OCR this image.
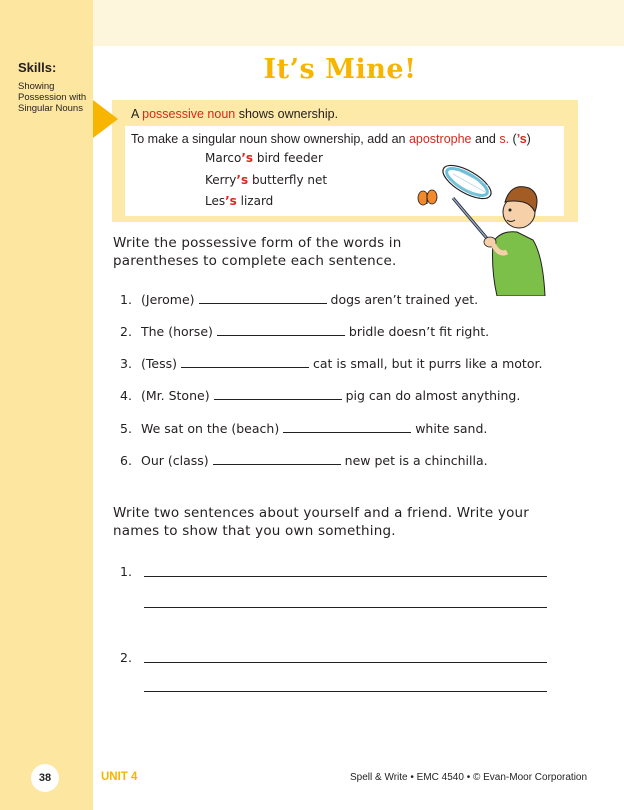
Skills:
Showing Possession with Singular Nouns
It’s Mine!
A possessive noun shows ownership.
To make a singular noun show ownership, add an apostrophe and s. (’s)
Marco’s bird feeder
Kerry’s butterfly net
Les’s lizard
Write the possessive form of the words in parentheses to complete each sentence.
1. (Jerome)	dogs aren’t trained yet.
2. The (horse)	bridle doesn’t fit right.
3. (Tess)	cat is small, but it purrs like a motor.
4. (Mr. Stone)	pig can do almost anything.
5. We sat on the (beach)	white sand.
6. Our (class)	new pet is a chinchilla.
Write two sentences about yourself and a friend. Write your names to show that you own something.
1.
2.
38	UNIT 4	Spell & Write • EMC 4540 • © Evan-Moor Corporation
